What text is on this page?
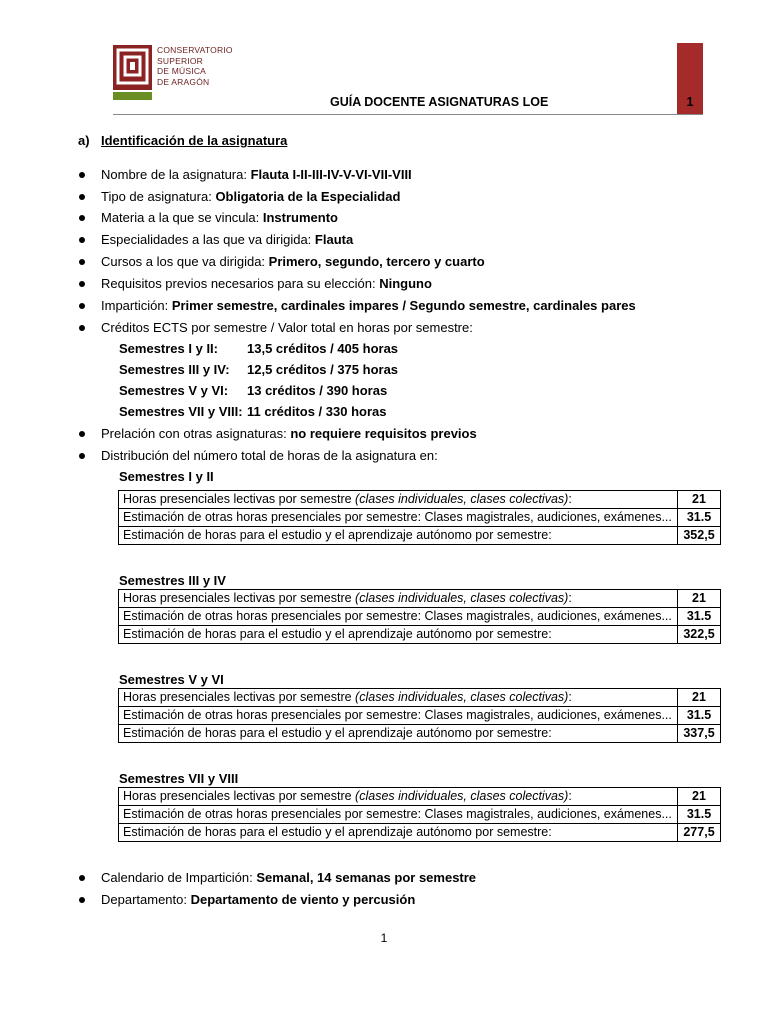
CONSERVATORIO
SUPERIOR
DE MÚSICA
DE ARAGÓN
GUÍA DOCENTE ASIGNATURAS LOE	1
a) Identificación de la asignatura
Nombre de la asignatura: Flauta I-II-III-IV-V-VI-VII-VIII
Tipo de asignatura: Obligatoria de la Especialidad
Materia a la que se vincula: Instrumento
Especialidades a las que va dirigida: Flauta
Cursos a los que va dirigida: Primero, segundo, tercero y cuarto
Requisitos previos necesarios para su elección: Ninguno
Impartición: Primer semestre, cardinales impares / Segundo semestre, cardinales pares
Créditos ECTS por semestre / Valor total en horas por semestre:
Semestres I y II: 13,5 créditos / 405 horas
Semestres III y IV: 12,5 créditos / 375 horas
Semestres V y VI: 13 créditos / 390 horas
Semestres VII y VIII: 11 créditos / 330 horas
Prelación con otras asignaturas: no requiere requisitos previos
Distribución del número total de horas de la asignatura en:
Semestres I y II
Horas presenciales lectivas por semestre (clases individuales, clases colectivas):	21
Estimación de otras horas presenciales por semestre: Clases magistrales, audiciones, exámenes...	31.5
Estimación de horas para el estudio y el aprendizaje autónomo por semestre:	352,5
Semestres III y IV
Horas presenciales lectivas por semestre (clases individuales, clases colectivas):	21
Estimación de otras horas presenciales por semestre: Clases magistrales, audiciones, exámenes...	31.5
Estimación de horas para el estudio y el aprendizaje autónomo por semestre:	322,5
Semestres V y VI
Horas presenciales lectivas por semestre (clases individuales, clases colectivas):	21
Estimación de otras horas presenciales por semestre: Clases magistrales, audiciones, exámenes...	31.5
Estimación de horas para el estudio y el aprendizaje autónomo por semestre:	337,5
Semestres VII y VIII
Horas presenciales lectivas por semestre (clases individuales, clases colectivas):	21
Estimación de otras horas presenciales por semestre: Clases magistrales, audiciones, exámenes...	31.5
Estimación de horas para el estudio y el aprendizaje autónomo por semestre:	277,5
Calendario de Impartición: Semanal, 14 semanas por semestre
Departamento: Departamento de viento y percusión
1
